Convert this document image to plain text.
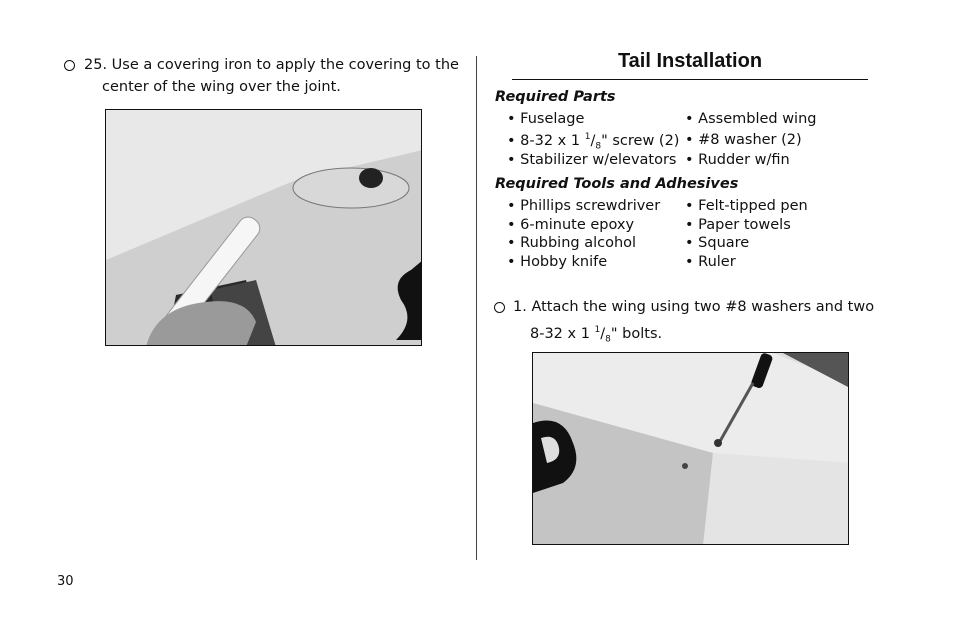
25. Use a covering iron to apply the covering to the
center of the wing over the joint.
Tail Installation
Required Parts
• Fuselage
• 8-32 x 1 $^1/_8$" screw (2)
• Stabilizer w/elevators
• Assembled wing
• #8 washer (2)
• Rudder w/fin
Required Tools and Adhesives
• Phillips screwdriver
• 6-minute epoxy
• Rubbing alcohol
• Hobby knife
• Felt-tipped pen
• Paper towels
• Square
• Ruler
1. Attach the wing using two #8 washers and two
8-32 x 1 $^1/_8$" bolts.
30
